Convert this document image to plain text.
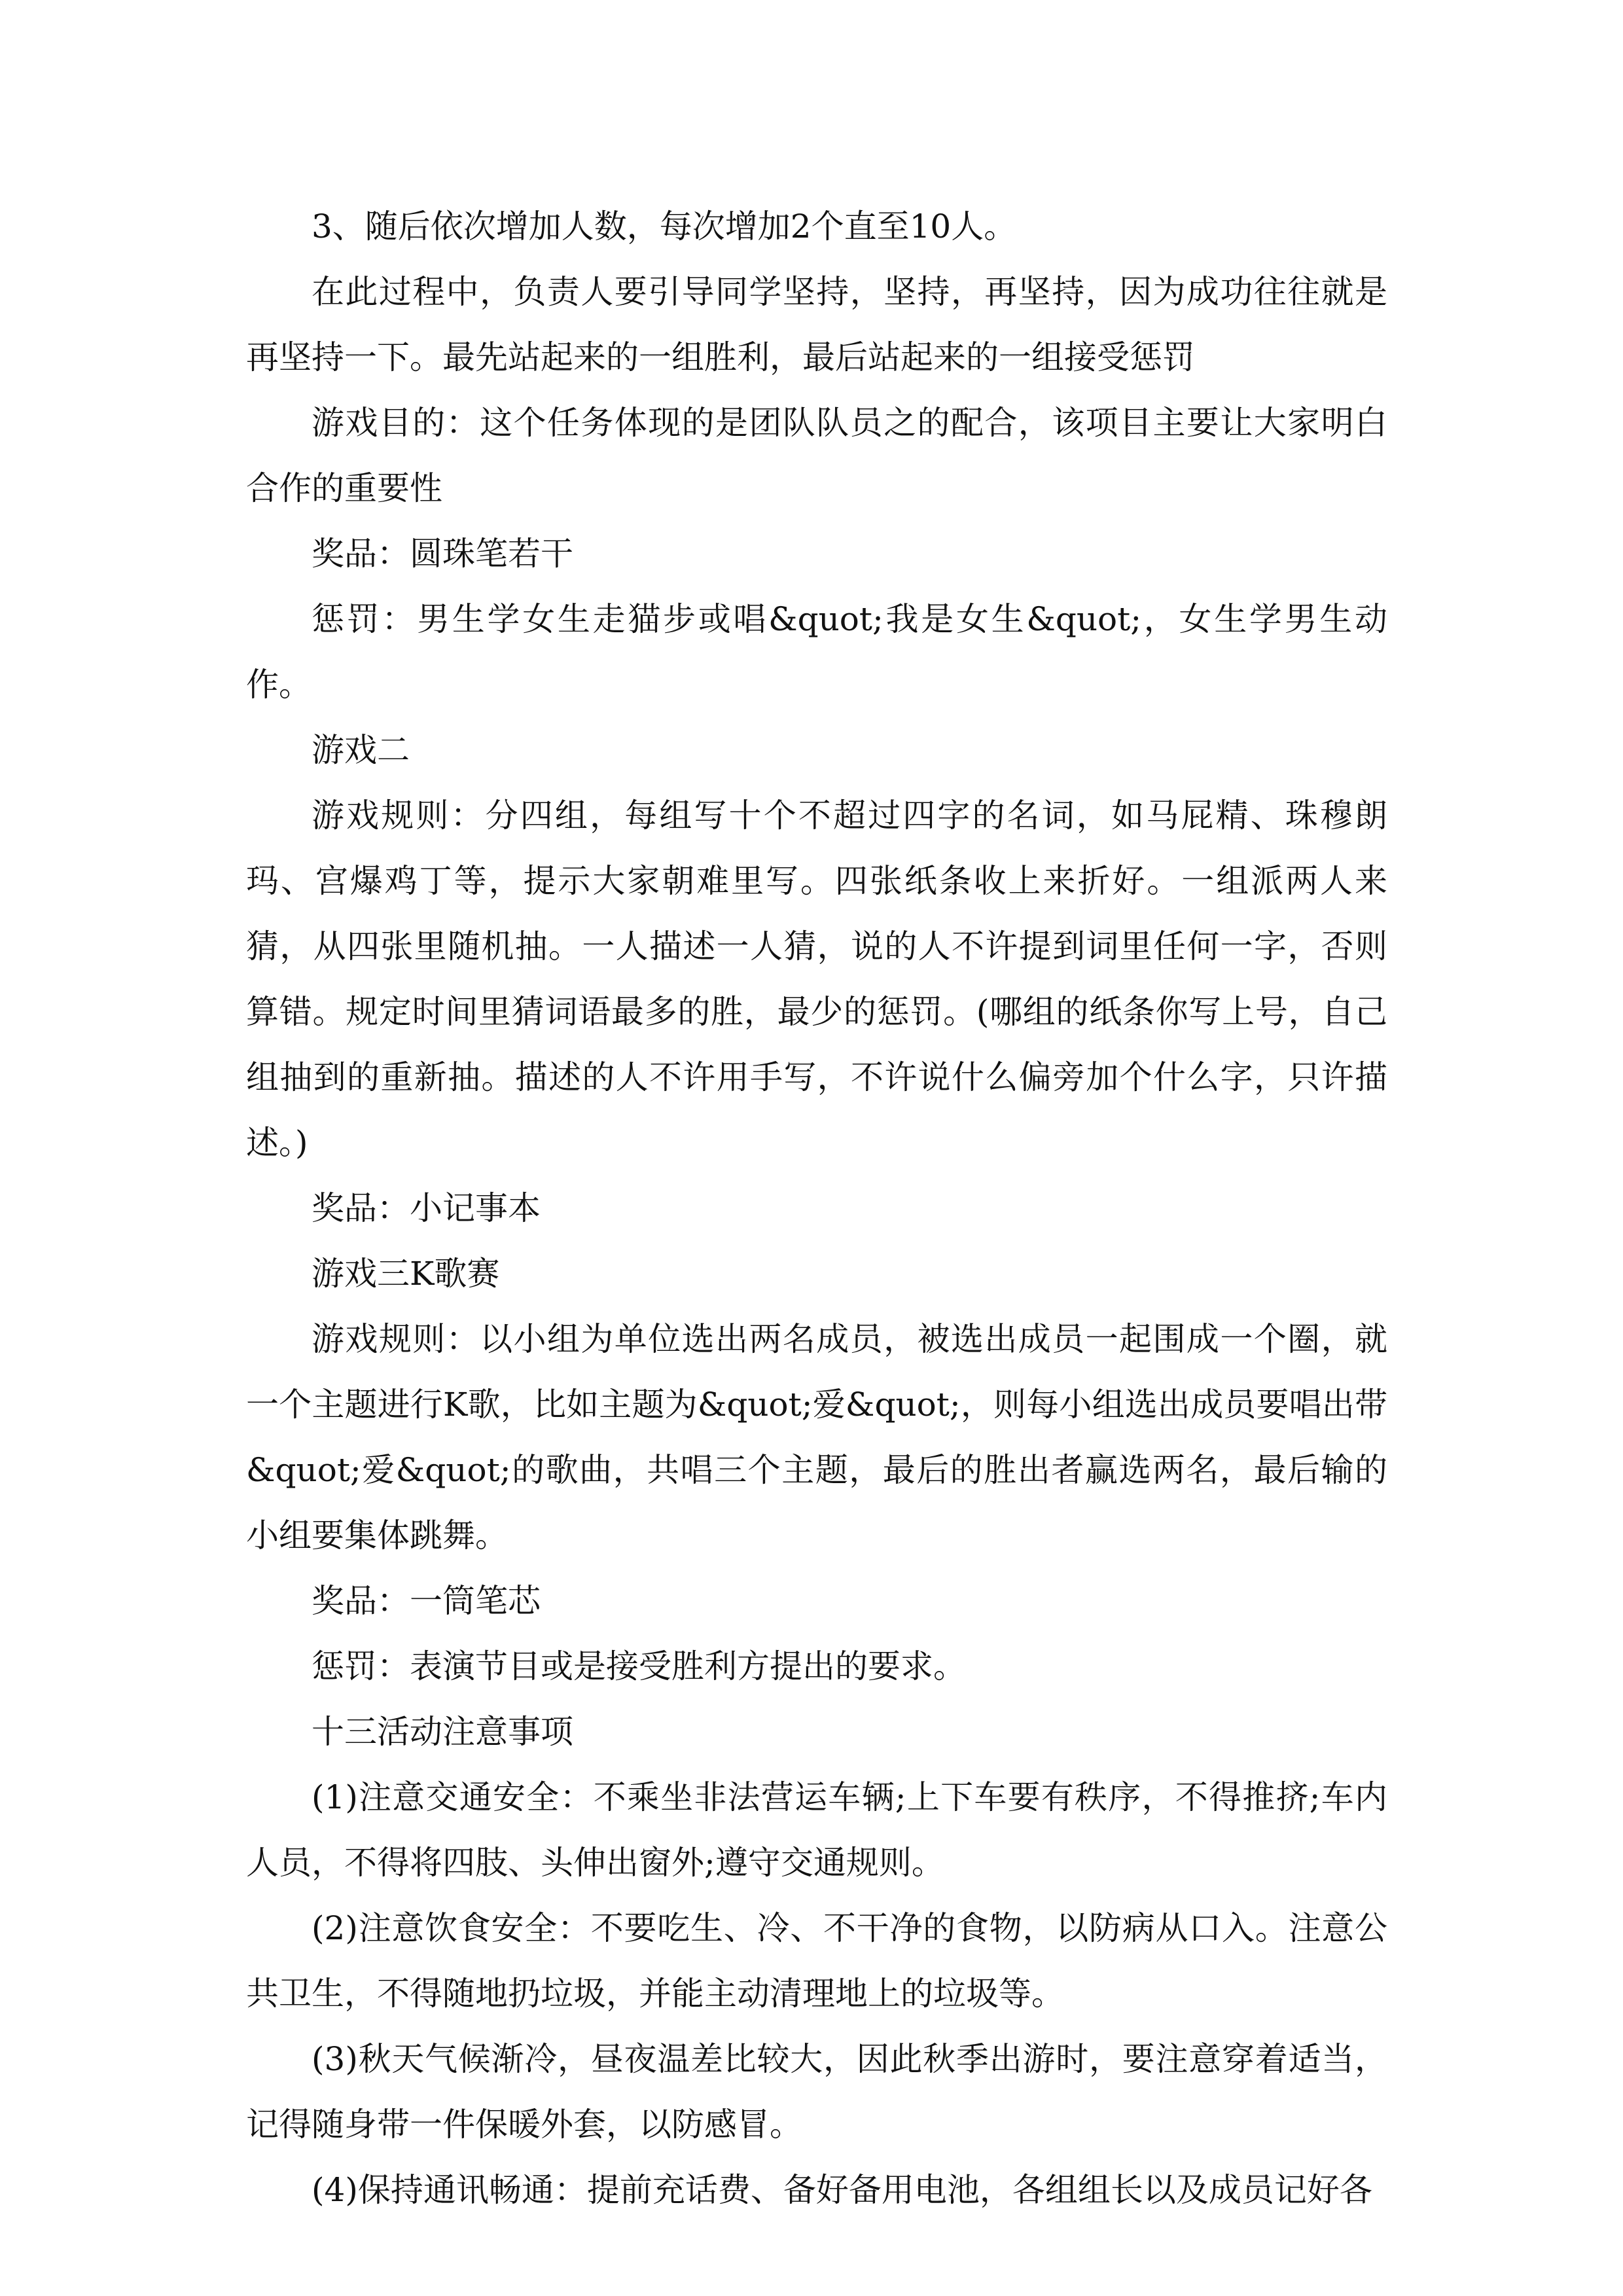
3、随后依次增加人数，每次增加2个直至10人。

在此过程中，负责人要引导同学坚持，坚持，再坚持，因为成功往往就是再坚持一下。最先站起来的一组胜利，最后站起来的一组接受惩罚

游戏目的：这个任务体现的是团队队员之的配合，该项目主要让大家明白合作的重要性

奖品：圆珠笔若干

惩罚：男生学女生走猫步或唱&quot;我是女生&quot;，女生学男生动作。

游戏二

游戏规则：分四组，每组写十个不超过四字的名词，如马屁精、珠穆朗玛、宫爆鸡丁等，提示大家朝难里写。四张纸条收上来折好。一组派两人来猜，从四张里随机抽。一人描述一人猜，说的人不许提到词里任何一字，否则算错。规定时间里猜词语最多的胜，最少的惩罚。(哪组的纸条你写上号，自己组抽到的重新抽。描述的人不许用手写，不许说什么偏旁加个什么字，只许描述。)

奖品：小记事本

游戏三K歌赛

游戏规则：以小组为单位选出两名成员，被选出成员一起围成一个圈，就一个主题进行K歌，比如主题为&quot;爱&quot;，则每小组选出成员要唱出带&quot;爱&quot;的歌曲，共唱三个主题，最后的胜出者赢选两名，最后输的小组要集体跳舞。

奖品：一筒笔芯

惩罚：表演节目或是接受胜利方提出的要求。

十三活动注意事项

(1)注意交通安全：不乘坐非法营运车辆;上下车要有秩序，不得推挤;车内人员，不得将四肢、头伸出窗外;遵守交通规则。

(2)注意饮食安全：不要吃生、冷、不干净的食物，以防病从口入。注意公共卫生，不得随地扔垃圾，并能主动清理地上的垃圾等。

(3)秋天气候渐冷，昼夜温差比较大，因此秋季出游时，要注意穿着适当，记得随身带一件保暖外套，以防感冒。

(4)保持通讯畅通：提前充话费、备好备用电池，各组组长以及成员记好各
